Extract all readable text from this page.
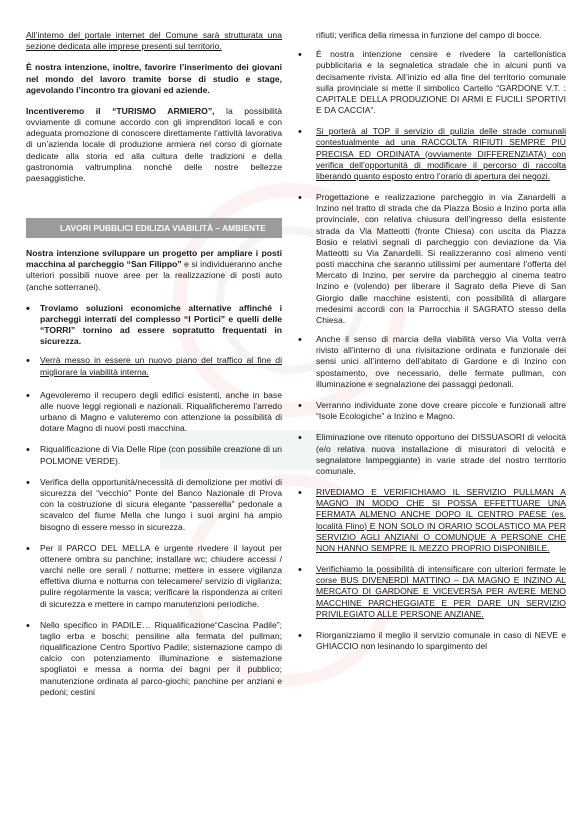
All’interno del portale internet del Comune sarà strutturata una sezione dedicata alle imprese presenti sul territorio.

È nostra intenzione, inoltre, favorire l’inserimento dei giovani nel mondo del lavoro tramite borse di studio e stage, agevolando l’incontro tra giovani ed aziende.

Incentiveremo il “TURISMO ARMIERO”, la possibilità ovviamente di comune accordo con gli imprenditori locali e con adeguata promozione di conoscere direttamente l’attività lavorativa di un’azienda locale di produzione armiera nel corso di giornate dedicate alla storia ed alla cultura delle tradizioni e della gastronomia valtrumplina nonché delle nostre bellezze paesaggistiche.

LAVORI PUBBLICI EDILIZIA VIABILITÀ – AMBIENTE

Nostra intenzione sviluppare un progetto per ampliare i posti macchina al parcheggio “San Filippo” e si individueranno anche ulteriori possibili nuove aree per la realizzazione di posti auto (anche sotterranei).

• Troviamo soluzioni economiche alternative affinché i parcheggi interrati del complesso “I Portici” e quelli delle “TORRI” tornino ad essere sopratutto frequentati in sicurezza.
• Verrà messo in essere un nuovo piano del traffico al fine di migliorare la viabilità interna.
• Agevoleremo il recupero degli edifici esistenti, anche in base alle nuove leggi regionali e nazionali. Riqualificheremo l’arredo urbano di Magno e valuteremo con attenzione la possibilità di dotare Magno di nuovi posti macchina.
• Riqualificazione di Via Delle Ripe (con possibile creazione di un POLMONE VERDE).
• Verifica della opportunità/necessità di demolizione per motivi di sicurezza del “vecchio” Ponte del Banco Nazionale di Prova con la costruzione di sicura elegante “passerella” pedonale a scavalco del fiume Mella che lungo i suoi argini ha ampio bisogno di essere messo in sicurezza.
• Per il PARCO DEL MELLA è urgente rivedere il layout per ottenere ombra su panchine; installare wc; chiudere accessi / varchi nelle ore serali / notturne; mettere in essere vigilanza effettiva diurna e notturna con telecamere/ servizio di vigilanza; pulire regolarmente la vasca; verificare la rispondenza ai criteri di sicurezza e mettere in campo manutenzioni periodiche.
• Nello specifico in PADILE… Riqualificazione“Cascina Padile”; taglio erba e boschi; pensiline alla fermata del pullman; riqualificazione Centro Sportivo Padile; sistemazione campo di calcio con potenziamento illuminazione e sistemazione spogliatoi e messa a norma dei bagni per il pubblico; manutenzione ordinata al parco-giochi; panchine per anziani e pedoni; cestini

rifiuti; verifica della rimessa in funzione del campo di bocce.

• È nostra intenzione censire e rivedere la cartellonistica pubblicitaria e la segnaletica stradale che in alcuni punti va decisamente rivista. All’inizio ed alla fine del territorio comunale sulla provinciale si mette il simbolico Cartello “GARDONE V.T. : CAPITALE DELLA PRODUZIONE DI ARMI E FUCILI SPORTIVI E DA CACCIA”.
• Si porterà al TOP il servizio di pulizia delle strade comunali contestualmente ad una RACCOLTA RIFIUTI SEMPRE PIÙ PRECISA ED ORDINATA (ovviamente DIFFERENZIATA) con verifica dell’opportunità di modificare il percorso di raccolta liberando quanto esposto entro l’orario di apertura dei negozi.
• Progettazione e realizzazione parcheggio in via Zanardelli a Inzino nel tratto di strada che da Piazza Bosio a Inzino porta alla provinciale, con relativa chiusura dell’ingresso della esistente strada da Via Matteotti (fronte Chiesa) con uscita da Piazza Bosio e relativi segnali di parcheggio con deviazione da Via Matteotti su Via Zanardelli. Si realizzeranno così almeno venti posti macchina che saranno utilissimi per aumentare l’offerta del Mercato di Inzino, per servire da parcheggio al cinema teatro Inzino e (volendo) per liberare il Sagrato della Pieve di San Giorgio dalle macchine esistenti, con possibilità di allargare medesimi accordi con la Parrocchia il SAGRATO stesso della Chiesa.
• Anche il senso di marcia della viabilità verso Via Volta verrà rivisto all’interno di una rivisitazione ordinata e funzionale dei sensi unici all’interno dell’abitato di Gardone e di Inzino con spostamento, ove necessario, delle fermate pullman, con illuminazione e segnalazione dei passaggi pedonali.
• Verranno individuate zone dove creare piccole e funzionali altre “Isole Ecologiche” a Inzino e Magno.
• Eliminazione ove ritenuto opportuno dei DISSUASORI di velocità (e/o relativa nuova installazione di misuratori di velocità e segnalatore lampeggiante) in varie strade del nostro territorio comunale.
• RIVEDIAMO E VERIFICHIAMO IL SERVIZIO PULLMAN A MAGNO IN MODO CHE SI POSSA EFFETTUARE UNA FERMATA ALMENO ANCHE DOPO IL CENTRO PAESE (es. località Flino) E NON SOLO IN ORARIO SCOLASTICO MA PER SERVIZIO AGLI ANZIANI O COMUNQUE A PERSONE CHE NON HANNO SEMPRE IL MEZZO PROPRIO DISPONIBILE.
• Verifichiamo la possibilità di intensificare con ulteriori fermate le corse BUS DIVENERDÌ MATTINO – DA MAGNO E INZINO AL MERCATO DI GARDONE E VICEVERSA PER AVERE MENO MACCHINE PARCHEGGIATE E PER DARE UN SERVIZIO PRIVILEGIATO ALLE PERSONE ANZIANE.
• Riorganizziamo il meglio il servizio comunale in caso di NEVE e GHIACCIO non lesinando lo spargimento del
